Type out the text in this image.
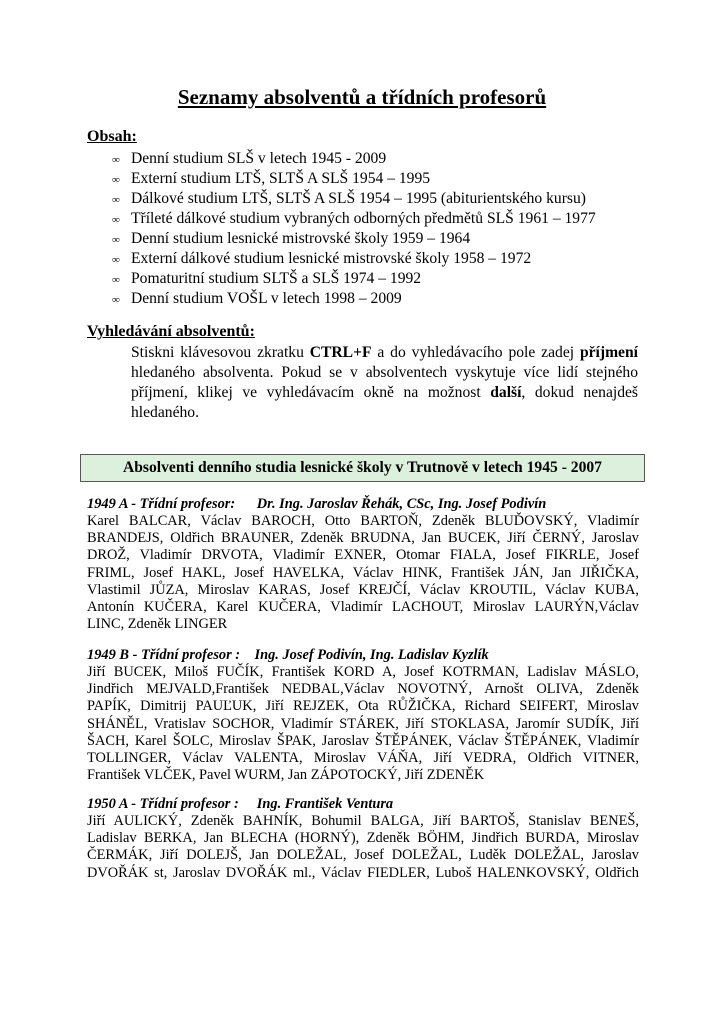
Seznamy absolventů a třídních profesorů
Obsah:
∞ Denní studium SLŠ v letech 1945 - 2009
∞ Externí studium LTŠ, SLTŠ A SLŠ 1954 – 1995
∞ Dálkové studium LTŠ, SLTŠ A SLŠ 1954 – 1995 (abiturientského kursu)
∞ Tříleté dálkové studium vybraných odborných předmětů SLŠ 1961 – 1977
∞ Denní studium lesnické mistrovské školy 1959 – 1964
∞ Externí dálkové studium lesnické mistrovské školy 1958 – 1972
∞ Pomaturitní studium SLTŠ a SLŠ 1974 – 1992
∞ Denní studium VOŠL v letech 1998 – 2009
Vyhledávání absolventů:
Stiskni klávesovou zkratku CTRL+F a do vyhledávacího pole zadej příjmení hledaného absolventa. Pokud se v absolventech vyskytuje více lidí stejného příjmení, klikej ve vyhledávacím okně na možnost další, dokud nenajdeš hledaného.
Absolventi denního studia lesnické školy v Trutnově v letech 1945 - 2007
1949 A - Třídní profesor:      Dr. Ing. Jaroslav Řehák, CSc, Ing. Josef Podivín
Karel BALCAR, Václav BAROCH, Otto BARTOŇ, Zdeněk BLUĎOVSKÝ, Vladimír
BRANDEJS, Oldřich BRAUNER, Zdeněk BRUDNA, Jan BUCEK, Jiří ČERNÝ, Jaroslav
DROŽ, Vladimír DRVOTA, Vladimír EXNER, Otomar FIALA, Josef FIKRLE, Josef
FRIML, Josef HAKL, Josef HAVELKA, Václav HINK, František JÁN, Jan JIŘIČKA,
Vlastimil JŮZA, Miroslav KARAS, Josef KREJČÍ, Václav KROUTIL, Václav KUBA,
Antonín KUČERA, Karel KUČERA, Vladimír LACHOUT, Miroslav LAURÝN,Václav
LINC, Zdeněk LINGER
1949 B - Třídní profesor :    Ing. Josef Podivín, Ing. Ladislav Kyzlík
Jiří BUCEK, Miloš FUČÍK, František KORD A, Josef KOTRMAN, Ladislav MÁSLO,
Jindřich MEJVALD,František NEDBAL,Václav NOVOTNÝ, Arnošt OLIVA, Zdeněk
PAPÍK, Dimitrij PAUĽUK, Jiří REJZEK, Ota RŮŽIČKA, Richard SEIFERT, Miroslav
SHÁNĚL, Vratislav SOCHOR, Vladimír STÁREK, Jiří STOKLASA, Jaromír SUDÍK, Jiří
ŠACH, Karel ŠOLC, Miroslav ŠPAK, Jaroslav ŠTĚPÁNEK, Václav ŠTĚPÁNEK, Vladimír
TOLLINGER, Václav VALENTA, Miroslav VÁŇA, Jiří VEDRA, Oldřich VITNER,
František VLČEK, Pavel WURM, Jan ZÁPOTOCKÝ, Jiří ZDENĚK
1950 A - Třídní profesor :     Ing. František Ventura
Jiří AULICKÝ, Zdeněk BAHNÍK, Bohumil BALGA, Jiří BARTOŠ, Stanislav BENEŠ,
Ladislav BERKA, Jan BLECHA (HORNÝ), Zdeněk BÖHM, Jindřich BURDA, Miroslav
ČERMÁK, Jiří DOLEJŠ, Jan DOLEŽAL, Josef DOLEŽAL, Luděk DOLEŽAL, Jaroslav
DVOŘÁK st, Jaroslav DVOŘÁK ml., Václav FIEDLER, Luboš HALENKOVSKÝ, Oldřich
